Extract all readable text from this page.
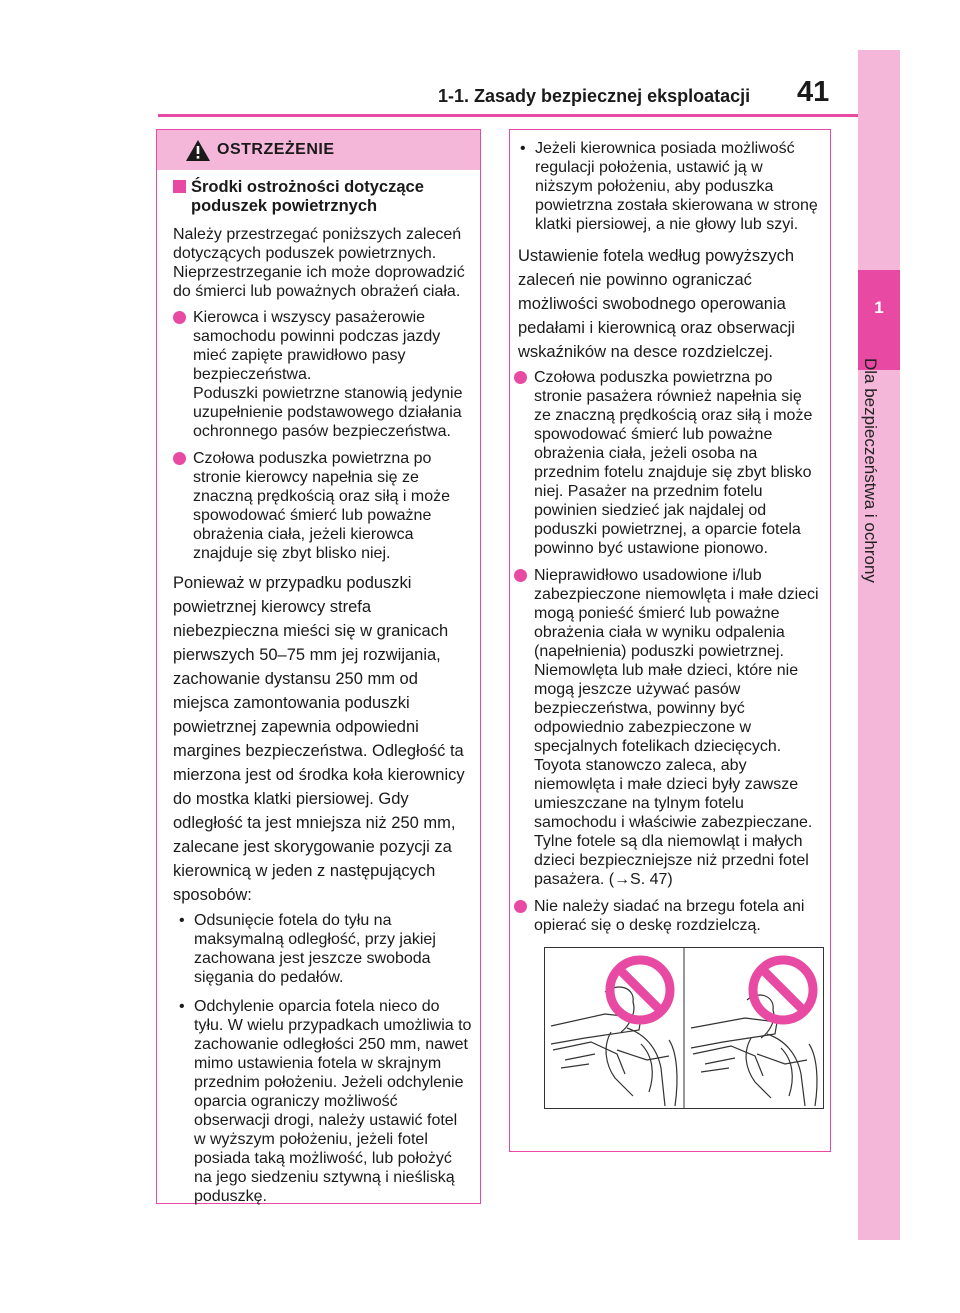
1-1. Zasady bezpiecznej eksploatacji 41
1
Dla bezpieczeństwa i ochrony
OSTRZEŻENIE
Środki ostrożności dotyczące poduszek powietrznych

Należy przestrzegać poniższych zaleceń dotyczących poduszek powietrznych. Nieprzestrzeganie ich może doprowadzić do śmierci lub poważnych obrażeń ciała.

Kierowca i wszyscy pasażerowie samochodu powinni podczas jazdy mieć zapięte prawidłowo pasy bezpieczeństwa.
Poduszki powietrzne stanowią jedynie uzupełnienie podstawowego działania ochronnego pasów bezpieczeństwa.
Czołowa poduszka powietrzna po stronie kierowcy napełnia się ze znaczną prędkością oraz siłą i może spowodować śmierć lub poważne obrażenia ciała, jeżeli kierowca znajduje się zbyt blisko niej.

Ponieważ w przypadku poduszki powietrznej kierowcy strefa niebezpieczna mieści się w granicach pierwszych 50–75 mm jej rozwijania, zachowanie dystansu 250 mm od miejsca zamontowania poduszki powietrznej zapewnia odpowiedni margines bezpieczeństwa. Odległość ta mierzona jest od środka koła kierownicy do mostka klatki piersiowej. Gdy odległość ta jest mniejsza niż 250 mm, zalecane jest skorygowanie pozycji za kierownicą w jeden z następujących sposobów:

• Odsunięcie fotela do tyłu na maksymalną odległość, przy jakiej zachowana jest jeszcze swoboda sięgania do pedałów.
• Odchylenie oparcia fotela nieco do tyłu. W wielu przypadkach umożliwia to zachowanie odległości 250 mm, nawet mimo ustawienia fotela w skrajnym przednim położeniu. Jeżeli odchylenie oparcia ograniczy możliwość obserwacji drogi, należy ustawić fotel w wyższym położeniu, jeżeli fotel posiada taką możliwość, lub położyć na jego siedzeniu sztywną i nieśliską poduszkę.
• Jeżeli kierownica posiada możliwość regulacji położenia, ustawić ją w niższym położeniu, aby poduszka powietrzna została skierowana w stronę klatki piersiowej, a nie głowy lub szyi.

Ustawienie fotela według powyższych zaleceń nie powinno ograniczać możliwości swobodnego operowania pedałami i kierownicą oraz obserwacji wskaźników na desce rozdzielczej.

Czołowa poduszka powietrzna po stronie pasażera również napełnia się ze znaczną prędkością oraz siłą i może spowodować śmierć lub poważne obrażenia ciała, jeżeli osoba na przednim fotelu znajduje się zbyt blisko niej. Pasażer na przednim fotelu powinien siedzieć jak najdalej od poduszki powietrznej, a oparcie fotela powinno być ustawione pionowo.
Nieprawidłowo usadowione i/lub zabezpieczone niemowlęta i małe dzieci mogą ponieść śmierć lub poważne obrażenia ciała w wyniku odpalenia (napełnienia) poduszki powietrznej. Niemowlęta lub małe dzieci, które nie mogą jeszcze używać pasów bezpieczeństwa, powinny być odpowiednio zabezpieczone w specjalnych fotelikach dziecięcych. Toyota stanowczo zaleca, aby niemowlęta i małe dzieci były zawsze umieszczane na tylnym fotelu samochodu i właściwie zabezpieczane. Tylne fotele są dla niemowląt i małych dzieci bezpieczniejsze niż przedni fotel pasażera. (→S. 47)
Nie należy siadać na brzegu fotela ani opierać się o deskę rozdzielczą.
